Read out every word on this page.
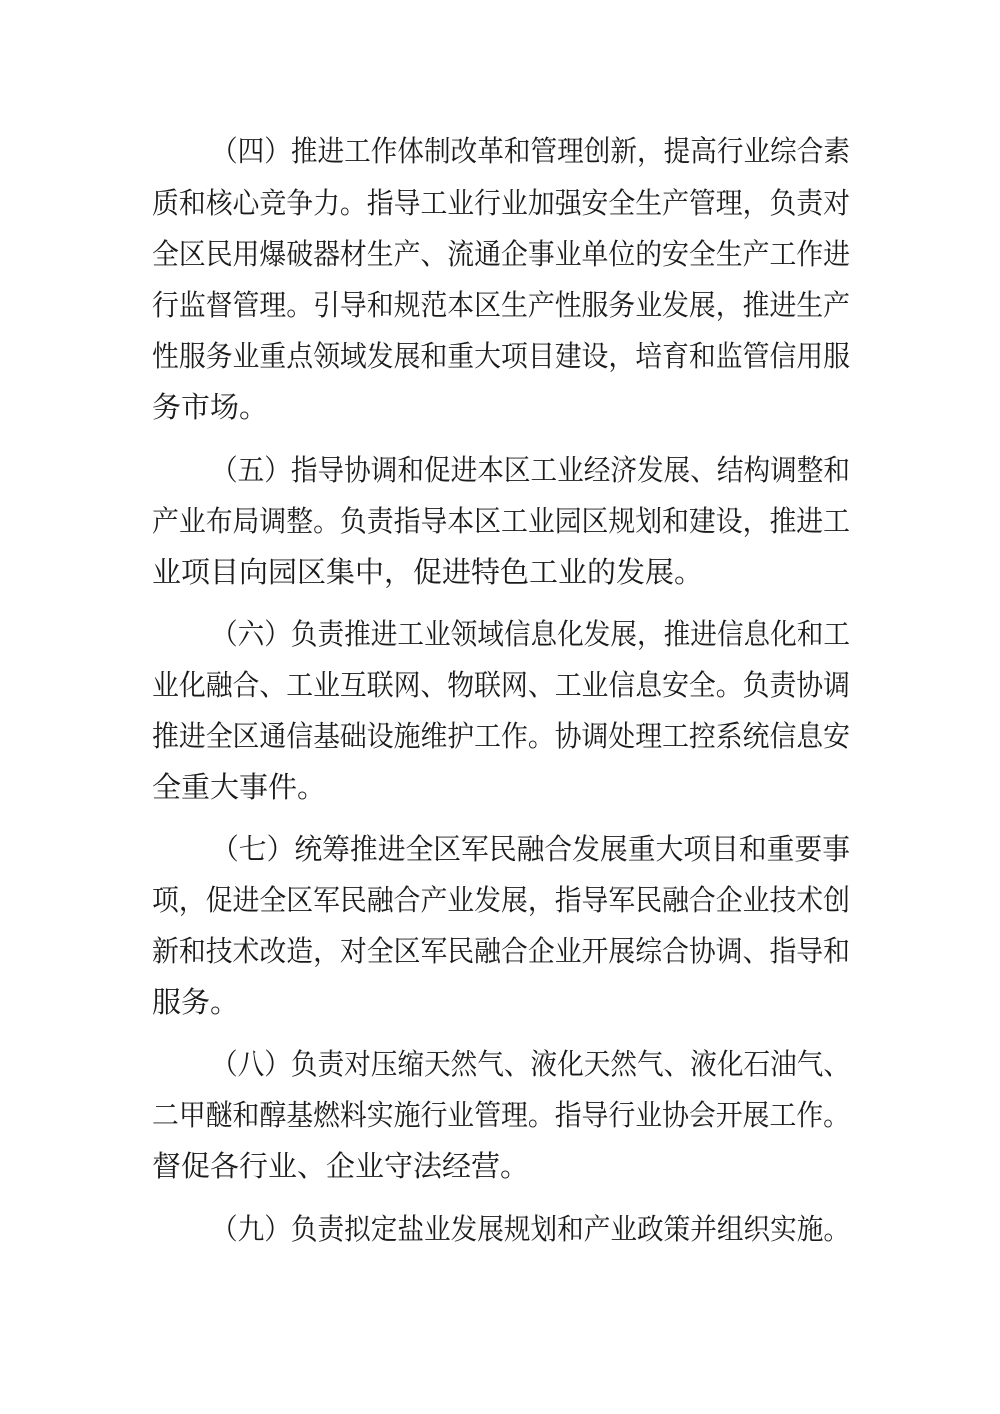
（四）推进工作体制改革和管理创新，提高行业综合素

质和核心竞争力。指导工业行业加强安全生产管理，负责对

全区民用爆破器材生产、流通企事业单位的安全生产工作进

行监督管理。引导和规范本区生产性服务业发展，推进生产

性服务业重点领域发展和重大项目建设，培育和监管信用服

务市场。

（五）指导协调和促进本区工业经济发展、结构调整和

产业布局调整。负责指导本区工业园区规划和建设，推进工

业项目向园区集中，促进特色工业的发展。

（六）负责推进工业领域信息化发展，推进信息化和工

业化融合、工业互联网、物联网、工业信息安全。负责协调

推进全区通信基础设施维护工作。协调处理工控系统信息安

全重大事件。

（七）统筹推进全区军民融合发展重大项目和重要事

项，促进全区军民融合产业发展，指导军民融合企业技术创

新和技术改造，对全区军民融合企业开展综合协调、指导和

服务。

（八）负责对压缩天然气、液化天然气、液化石油气、

二甲醚和醇基燃料实施行业管理。指导行业协会开展工作。

督促各行业、企业守法经营。

（九）负责拟定盐业发展规划和产业政策并组织实施。
